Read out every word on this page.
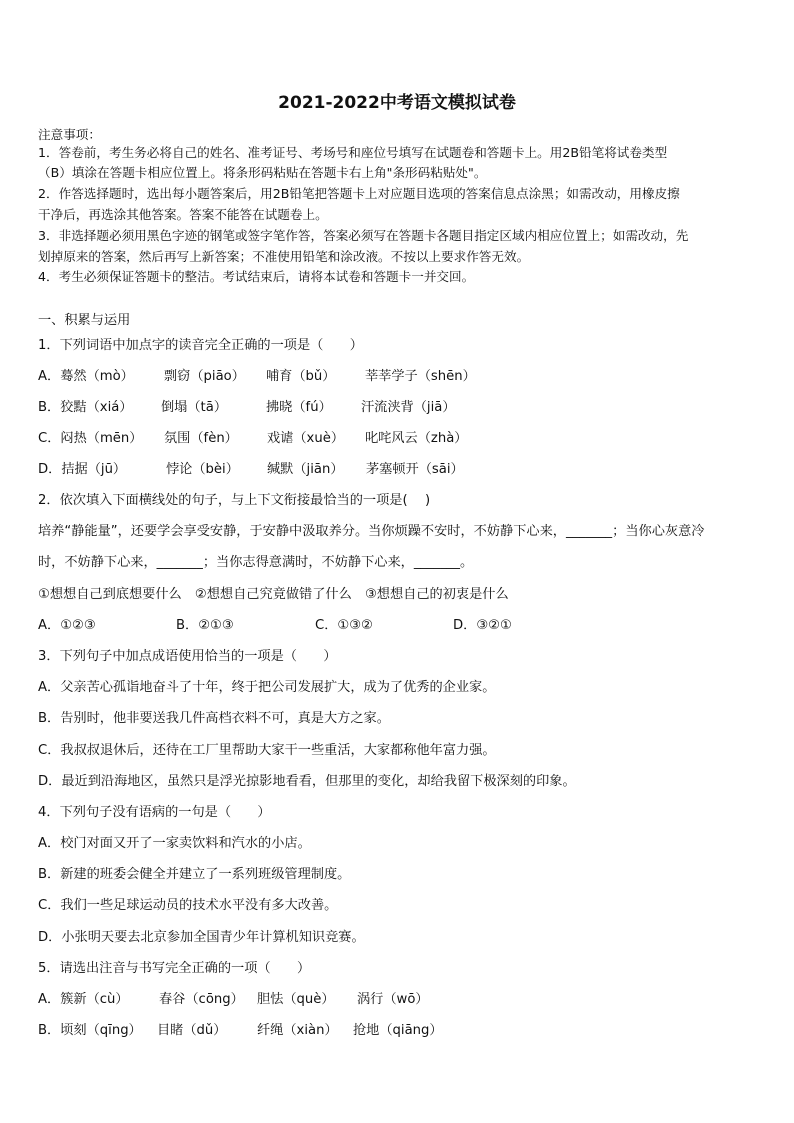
2021-2022中考语文模拟试卷
注意事项：
1．答卷前，考生务必将自己的姓名、准考证号、考场号和座位号填写在试题卷和答题卡上。用2B铅笔将试卷类型
（B）填涂在答题卡相应位置上。将条形码粘贴在答题卡右上角"条形码粘贴处"。
2．作答选择题时，选出每小题答案后，用2B铅笔把答题卡上对应题目选项的答案信息点涂黑；如需改动，用橡皮擦
干净后，再选涂其他答案。答案不能答在试题卷上。
3．非选择题必须用黑色字迹的钢笔或签字笔作答，答案必须写在答题卡各题目指定区域内相应位置上；如需改动，先
划掉原来的答案，然后再写上新答案；不准使用铅笔和涂改液。不按以上要求作答无效。
4．考生必须保证答题卡的整洁。考试结束后，请将本试卷和答题卡一并交回。
一、积累与运用
1．下列词语中加点字的读音完全正确的一项是（　　）
A．蓦然（mò） 剽窃（piāo） 哺育（bǔ） 莘莘学子（shēn）
B．狡黠（xiá） 倒塌（tā）	拂晓（fú） 汗流浃背（jiā）
C．闷热（mēn） 氛围（fèn） 戏谑（xuè） 叱咤风云（zhà）
D．拮据（jū）	悖论（bèi） 缄默（jiān） 茅塞顿开（sāi）
2．依次填入下面横线处的句子，与上下文衔接最恰当的一项是(　 )
培养“静能量”，还要学会享受安静，于安静中汲取养分。当你烦躁不安时，不妨静下心来，_______；当你心灰意冷
时，不妨静下心来，_______；当你志得意满时，不妨静下心来，_______。
①想想自己到底想要什么　②想想自己究竟做错了什么　③想想自己的初衷是什么
A．①②③	B．②①③	C．①③②	D．③②①
3．下列句子中加点成语使用恰当的一项是（　　）
A．父亲苦心孤诣地奋斗了十年，终于把公司发展扩大，成为了优秀的企业家。
B．告别时，他非要送我几件高档衣料不可，真是大方之家。
C．我叔叔退休后，还待在工厂里帮助大家干一些重活，大家都称他年富力强。
D．最近到沿海地区，虽然只是浮光掠影地看看，但那里的变化，却给我留下极深刻的印象。
4．下列句子没有语病的一句是（　　）
A．校门对面又开了一家卖饮料和汽水的小店。
B．新建的班委会健全并建立了一系列班级管理制度。
C．我们一些足球运动员的技术水平没有多大改善。
D．小张明天要去北京参加全国青少年计算机知识竞赛。
5．请选出注音与书写完全正确的一项（　　）
A．簇新（cù） 春谷（cōng） 胆怯（què） 涡行（wō）
B．顷刻（qīng） 目睹（dǔ） 纤绳（xiàn） 抢地（qiāng）
